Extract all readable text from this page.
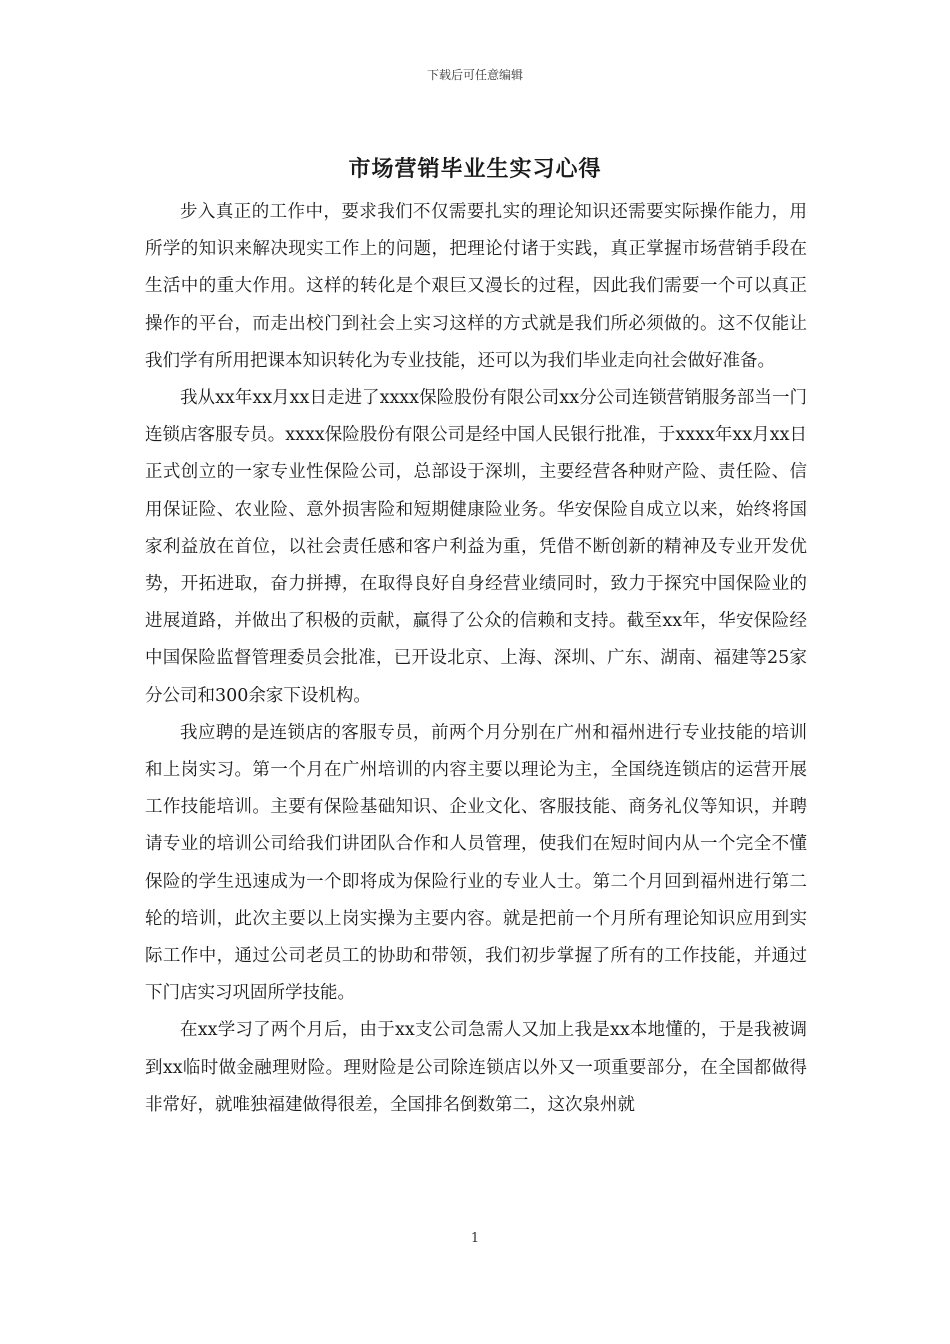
下载后可任意编辑
市场营销毕业生实习心得

步入真正的工作中，要求我们不仅需要扎实的理论知识还需要实际操作能力，用所学的知识来解决现实工作上的问题，把理论付诸于实践，真正掌握市场营销手段在生活中的重大作用。这样的转化是个艰巨又漫长的过程，因此我们需要一个可以真正操作的平台，而走出校门到社会上实习这样的方式就是我们所必须做的。这不仅能让我们学有所用把课本知识转化为专业技能，还可以为我们毕业走向社会做好准备。

我从xx年xx月xx日走进了xxxx保险股份有限公司xx分公司连锁营销服务部当一门连锁店客服专员。xxxx保险股份有限公司是经中国人民银行批准，于xxxx年xx月xx日正式创立的一家专业性保险公司，总部设于深圳，主要经营各种财产险、责任险、信用保证险、农业险、意外损害险和短期健康险业务。华安保险自成立以来，始终将国家利益放在首位，以社会责任感和客户利益为重，凭借不断创新的精神及专业开发优势，开拓进取，奋力拼搏，在取得良好自身经营业绩同时，致力于探究中国保险业的进展道路，并做出了积极的贡献，赢得了公众的信赖和支持。截至xx年，华安保险经中国保险监督管理委员会批准，已开设北京、上海、深圳、广东、湖南、福建等25家分公司和300余家下设机构。

我应聘的是连锁店的客服专员，前两个月分别在广州和福州进行专业技能的培训和上岗实习。第一个月在广州培训的内容主要以理论为主，全国绕连锁店的运营开展工作技能培训。主要有保险基础知识、企业文化、客服技能、商务礼仪等知识，并聘请专业的培训公司给我们讲团队合作和人员管理，使我们在短时间内从一个完全不懂保险的学生迅速成为一个即将成为保险行业的专业人士。第二个月回到福州进行第二轮的培训，此次主要以上岗实操为主要内容。就是把前一个月所有理论知识应用到实际工作中，通过公司老员工的协助和带领，我们初步掌握了所有的工作技能，并通过下门店实习巩固所学技能。

在xx学习了两个月后，由于xx支公司急需人又加上我是xx本地懂的，于是我被调到xx临时做金融理财险。理财险是公司除连锁店以外又一项重要部分，在全国都做得非常好，就唯独福建做得很差，全国排名倒数第二，这次泉州就

1
